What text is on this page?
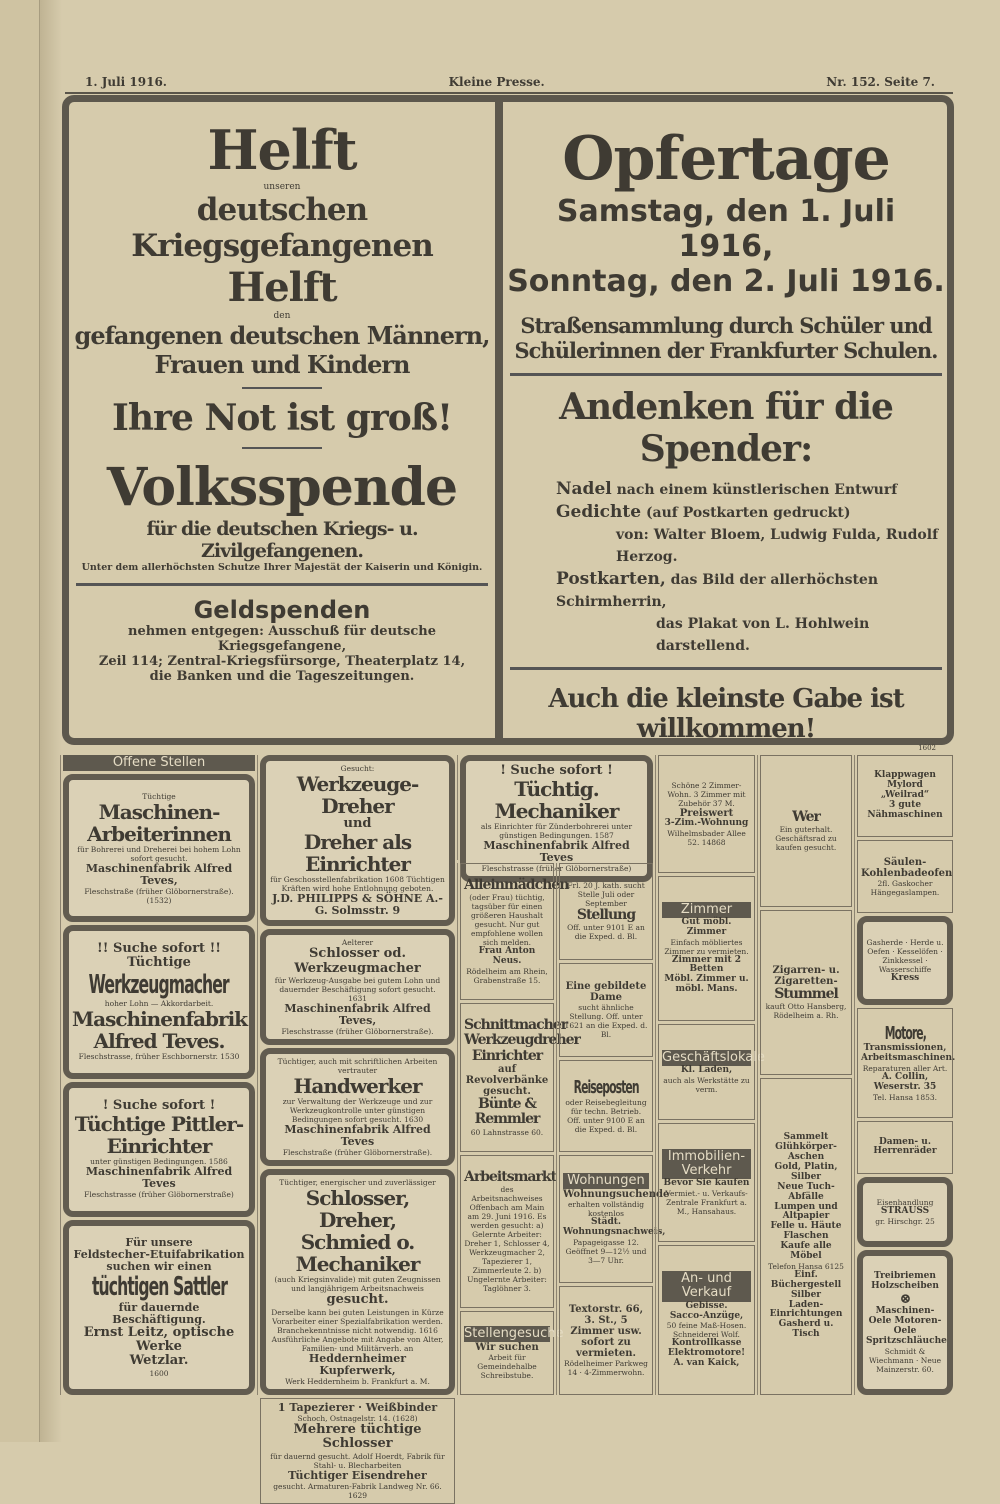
1. Juli 1916.	Kleine Presse.	Nr. 152. Seite 7.
Helft
unseren
deutschen Kriegsgefangenen
Helft
den
gefangenen deutschen Männern,
Frauen und Kindern
Ihre Not ist groß!
Volksspende
für die deutschen Kriegs- u. Zivilgefangenen.
Unter dem allerhöchsten Schutze Ihrer Majestät der Kaiserin und Königin.
Geldspenden
nehmen entgegen: Ausschuß für deutsche Kriegsgefangene,
Zeil 114; Zentral-Kriegsfürsorge, Theaterplatz 14,
die Banken und die Tageszeitungen.
Opfertage
Samstag, den 1. Juli 1916,
Sonntag, den 2. Juli 1916.
Straßensammlung durch Schüler und
Schülerinnen der Frankfurter Schulen.
Andenken für die Spender:
Nadel nach einem künstlerischen Entwurf
Gedichte (auf Postkarten gedruckt)
von: Walter Bloem, Ludwig Fulda, Rudolf Herzog.
Postkarten, das Bild der allerhöchsten Schirmherrin,
das Plakat von L. Hohlwein darstellend.
Auch die kleinste Gabe ist willkommen!
1602
Offene Stellen
Tüchtige
Maschinen-Arbeiterinnen
für Bohrerei und Dreherei bei hohem Lohn sofort gesucht.
Maschinenfabrik Alfred Teves,
Fleschstraße (früher Glöbornerstraße). (1532)
!! Suche sofort !!
Tüchtige
Werkzeugmacher
hoher Lohn — Akkordarbeit.
Maschinenfabrik Alfred Teves.
Fleschstrasse, früher Eschbornerstr. 1530
! Suche sofort !
Tüchtige Pittler-Einrichter
unter günstigen Bedingungen. 1586
Maschinenfabrik Alfred Teves
Fleschstrasse (früher Glöbornerstraße)
Für unsere
Feldstecher-Etuifabrikation
suchen wir einen
tüchtigen Sattler
für dauernde Beschäftigung.
Ernst Leitz, optische Werke
Wetzlar.
1600
Gesucht:
Werkzeuge-Dreher
und
Dreher als Einrichter
für Geschosstellenfabrikation 1608 Tüchtigen Kräften wird hohe Entlohnung geboten.
J.D. PHILIPPS & SÖHNE A.-G. Solmsstr. 9
Aelterer
Schlosser od. Werkzeugmacher
für Werkzeug-Ausgabe bei gutem Lohn und dauernder Beschäftigung sofort gesucht. 1631
Maschinenfabrik Alfred Teves,
Fleschstrasse (früher Glöbornerstraße).
Tüchtiger, auch mit schriftlichen Arbeiten vertrauter
Handwerker
zur Verwaltung der Werkzeuge und zur Werkzeugkontrolle unter günstigen Bedingungen sofort gesucht. 1630
Maschinenfabrik Alfred Teves
Fleschstraße (früher Glöbornerstraße).
Tüchtiger, energischer und zuverlässiger
Schlosser, Dreher,
Schmied o. Mechaniker
(auch Kriegsinvalide) mit guten Zeugnissen und langjährigem Arbeitsnachweis
gesucht.
Derselbe kann bei guten Leistungen in Kürze Vorarbeiter einer Spezialfabrikation werden. Branchekenntnisse nicht notwendig. 1616 Ausführliche Angebote mit Angabe von Alter, Familien- und Militärverh. an
Heddernheimer Kupferwerk,
Werk Heddernheim b. Frankfurt a. M.
1 Tapezierer · Weißbinder
Schoch, Ostnagelstr. 14. (1628)
Mehrere tüchtige Schlosser
für dauernd gesucht. Adolf Hoerdt, Fabrik für Stahl- u. Blecharbeiten
Tüchtiger Eisendreher
gesucht. Armaturen-Fabrik Landweg Nr. 66. 1629
! Suche sofort !
Tüchtig. Mechaniker
als Einrichter für Zünderbohrerei unter günstigen Bedingungen. 1587
Maschinenfabrik Alfred Teves
Fleschstrasse (früher Glöbornerstraße)
Alleinmädchen
(oder Frau) tüchtig, tagsüber für einen größeren Haushalt gesucht. Nur gut empfohlene wollen sich melden.
Frau Anton Neus.
Rödelheim am Rhein, Grabenstraße 15.
Schnittmacher Werkzeugdreher Einrichter
auf Revolverbänke gesucht.
Bünte & Remmler
60 Lahnstrasse 60.
Arbeitsmarkt
des Arbeitsnachweises Offenbach am Main am 29. Juni 1916. Es werden gesucht: a) Gelernte Arbeiter: Dreher 1, Schlosser 4, Werkzeugmacher 2, Tapezierer 1, Zimmerleute 2. b) Ungelernte Arbeiter: Taglöhner 3.
Stellengesuche
Wir suchen
Arbeit für Gemeindehalbe Schreibstube.
Frl. 20 J. kath. sucht Stelle Juli oder September
Stellung
Off. unter 9101 E an die Exped. d. Bl.
Eine gebildete Dame
sucht ähnliche Stellung. Off. unter 1621 an die Exped. d. Bl.
Reiseposten
oder Reisebegleitung für techn. Betrieb. Off. unter 9100 E an die Exped. d. Bl.
Wohnungen
Wohnungsuchende
erhalten vollständig kostenlos
Städt. Wohnungsnachweis,
Papageigasse 12. Geöffnet 9—12½ und 3—7 Uhr.
Textorstr. 66, 3. St., 5 Zimmer usw. sofort zu vermieten.
Rödelheimer Parkweg 14 · 4-Zimmerwohn.
Schöne 2 Zimmer-Wohn. 3 Zimmer mit Zubehör 37 M.
Preiswert
3-Zim.-Wohnung
Wilhelmsbader Allee 52. 14868
Zimmer
Gut möbl. Zimmer
Einfach möbliertes Zimmer zu vermieten.
Zimmer mit 2 Betten
Möbl. Zimmer u. möbl. Mans.
Geschäftslokale
Kl. Laden,
auch als Werkstätte zu verm.
Immobilien-Verkehr
Bevor Sie kaufen
Vermiet.- u. Verkaufs-Zentrale Frankfurt a. M., Hansahaus.
An- und Verkauf
Gebisse.
Sacco-Anzüge,
50 feine Maß-Hosen. Schneiderei Wolf.
Kontrollkasse
Elektromotore!
A. van Kaick,
Wer
Ein guterhalt. Geschäftsrad zu kaufen gesucht.
Zigarren- u. Zigaretten-
Stummel
kauft Otto Hansberg, Rödelheim a. Rh.
Sammelt Glühkörper-Aschen
Gold, Platin, Silber
Neue Tuch-Abfälle
Lumpen und Altpapier
Felle u. Häute
Flaschen
Kaufe alle Möbel
Telefon Hansa 6125
Einf. Büchergestell
Silber
Laden-Einrichtungen
Gasherd u. Tisch
Klappwagen
Mylord
„Weilrad“
3 gute Nähmaschinen
Säulen-Kohlenbadeofen
2fl. Gaskocher Hängegaslampen.
Gasherde · Herde u. Oefen · Kesselöfen · Zinkkessel · Wasserschiffe
Kress
Motore,
Transmissionen, Arbeitsmaschinen.
Reparaturen aller Art.
A. Collin, Weserstr. 35
Tel. Hansa 1853.
Damen- u. Herrenräder
Eisenhandlung
STRAUSS
gr. Hirschgr. 25
Treibriemen Holzscheiben
⊗
Maschinen-Oele Motoren-Oele Spritzschläuche
Schmidt & Wiechmann · Neue Mainzerstr. 60.
